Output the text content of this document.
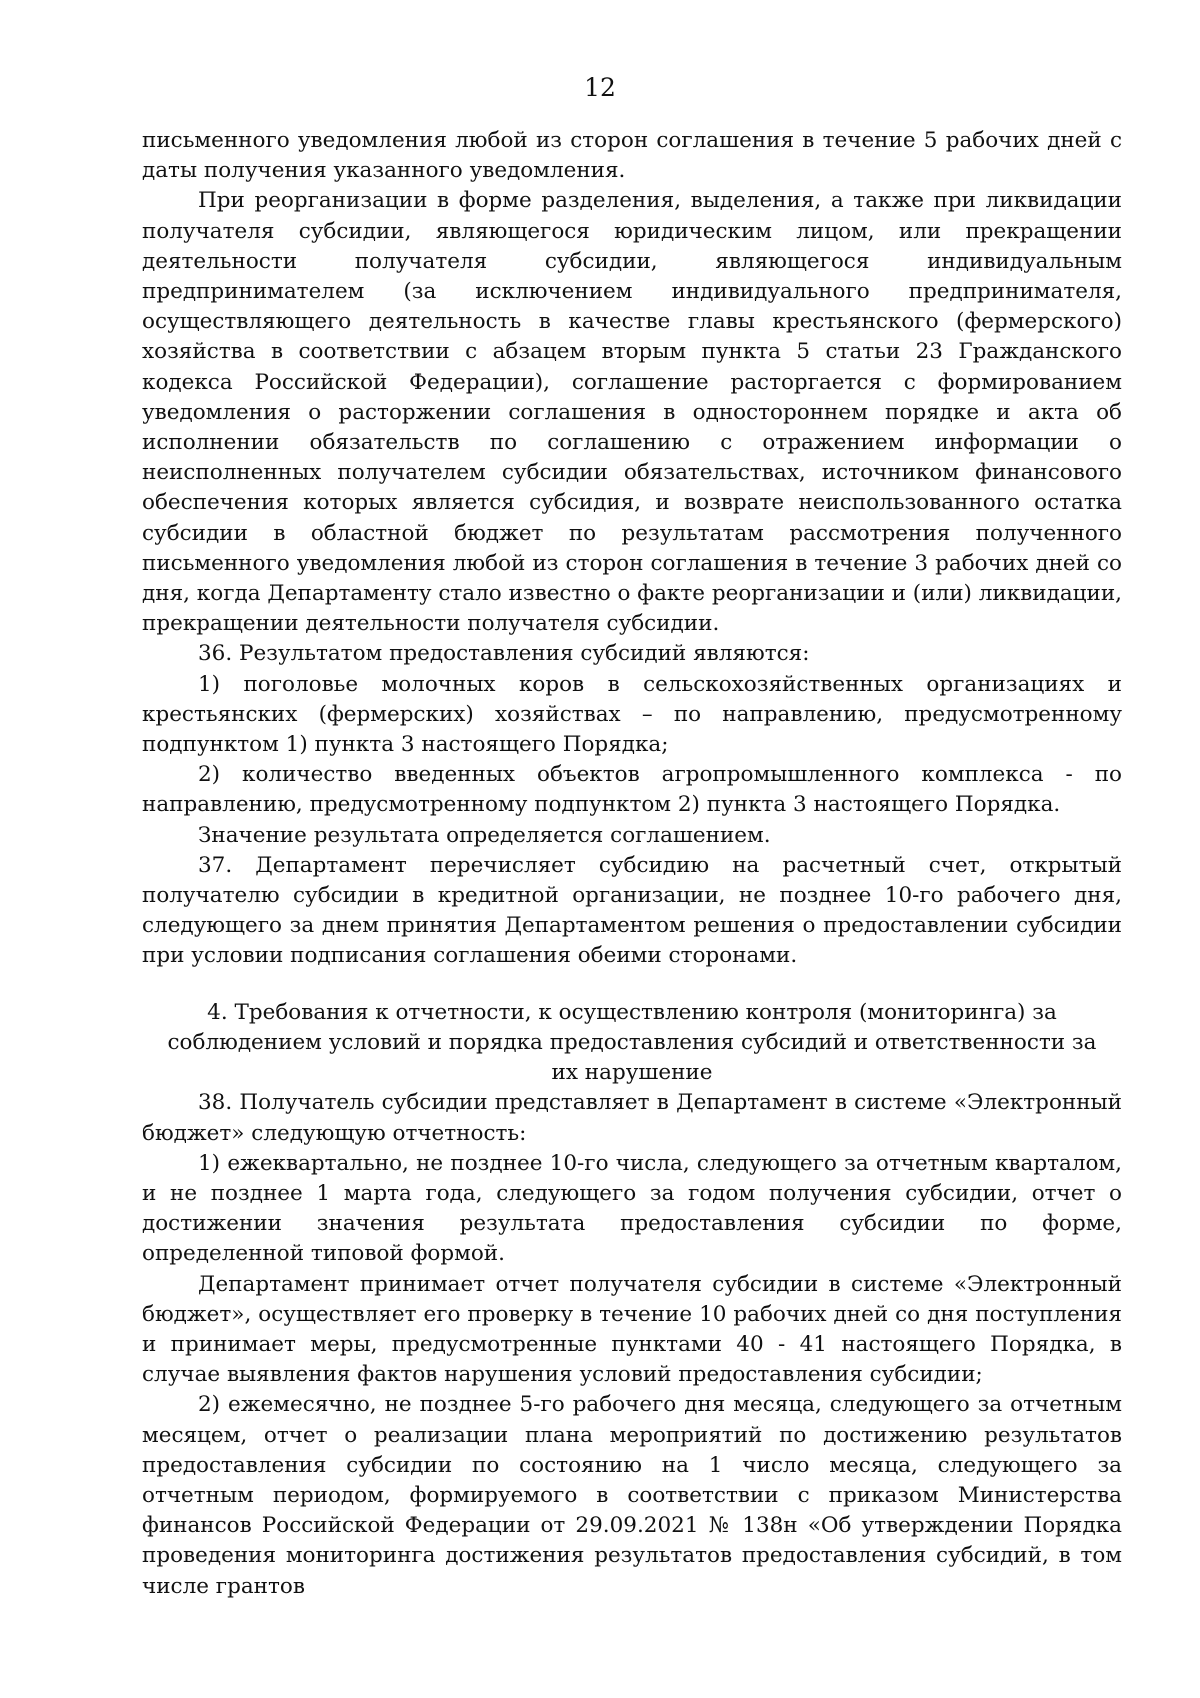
12

письменного уведомления любой из сторон соглашения в течение 5 рабочих дней с даты получения указанного уведомления.

При реорганизации в форме разделения, выделения, а также при ликвидации получателя субсидии, являющегося юридическим лицом, или прекращении деятельности получателя субсидии, являющегося индивидуальным предпринимателем (за исключением индивидуального предпринимателя, осуществляющего деятельность в качестве главы крестьянского (фермерского) хозяйства в соответствии с абзацем вторым пункта 5 статьи 23 Гражданского кодекса Российской Федерации), соглашение расторгается с формированием уведомления о расторжении соглашения в одностороннем порядке и акта об исполнении обязательств по соглашению с отражением информации о неисполненных получателем субсидии обязательствах, источником финансового обеспечения которых является субсидия, и возврате неиспользованного остатка субсидии в областной бюджет по результатам рассмотрения полученного письменного уведомления любой из сторон соглашения в течение 3 рабочих дней со дня, когда Департаменту стало известно о факте реорганизации и (или) ликвидации, прекращении деятельности получателя субсидии.

36. Результатом предоставления субсидий являются:

1) поголовье молочных коров в сельскохозяйственных организациях и крестьянских (фермерских) хозяйствах – по направлению, предусмотренному подпунктом 1) пункта 3 настоящего Порядка;

2) количество введенных объектов агропромышленного комплекса - по направлению, предусмотренному подпунктом 2) пункта 3 настоящего Порядка.

Значение результата определяется соглашением.

37. Департамент перечисляет субсидию на расчетный счет, открытый получателю субсидии в кредитной организации, не позднее 10-го рабочего дня, следующего за днем принятия Департаментом решения о предоставлении субсидии при условии подписания соглашения обеими сторонами.

4. Требования к отчетности, к осуществлению контроля (мониторинга) за соблюдением условий и порядка предоставления субсидий и ответственности за их нарушение

38. Получатель субсидии представляет в Департамент в системе «Электронный бюджет» следующую отчетность:

1) ежеквартально, не позднее 10-го числа, следующего за отчетным кварталом, и не позднее 1 марта года, следующего за годом получения субсидии, отчет о достижении значения результата предоставления субсидии по форме, определенной типовой формой.

Департамент принимает отчет получателя субсидии в системе «Электронный бюджет», осуществляет его проверку в течение 10 рабочих дней со дня поступления и принимает меры, предусмотренные пунктами 40 - 41 настоящего Порядка, в случае выявления фактов нарушения условий предоставления субсидии;

2) ежемесячно, не позднее 5-го рабочего дня месяца, следующего за отчетным месяцем, отчет о реализации плана мероприятий по достижению результатов предоставления субсидии по состоянию на 1 число месяца, следующего за отчетным периодом, формируемого в соответствии с приказом Министерства финансов Российской Федерации от 29.09.2021 № 138н «Об утверждении Порядка проведения мониторинга достижения результатов предоставления субсидий, в том числе грантов
